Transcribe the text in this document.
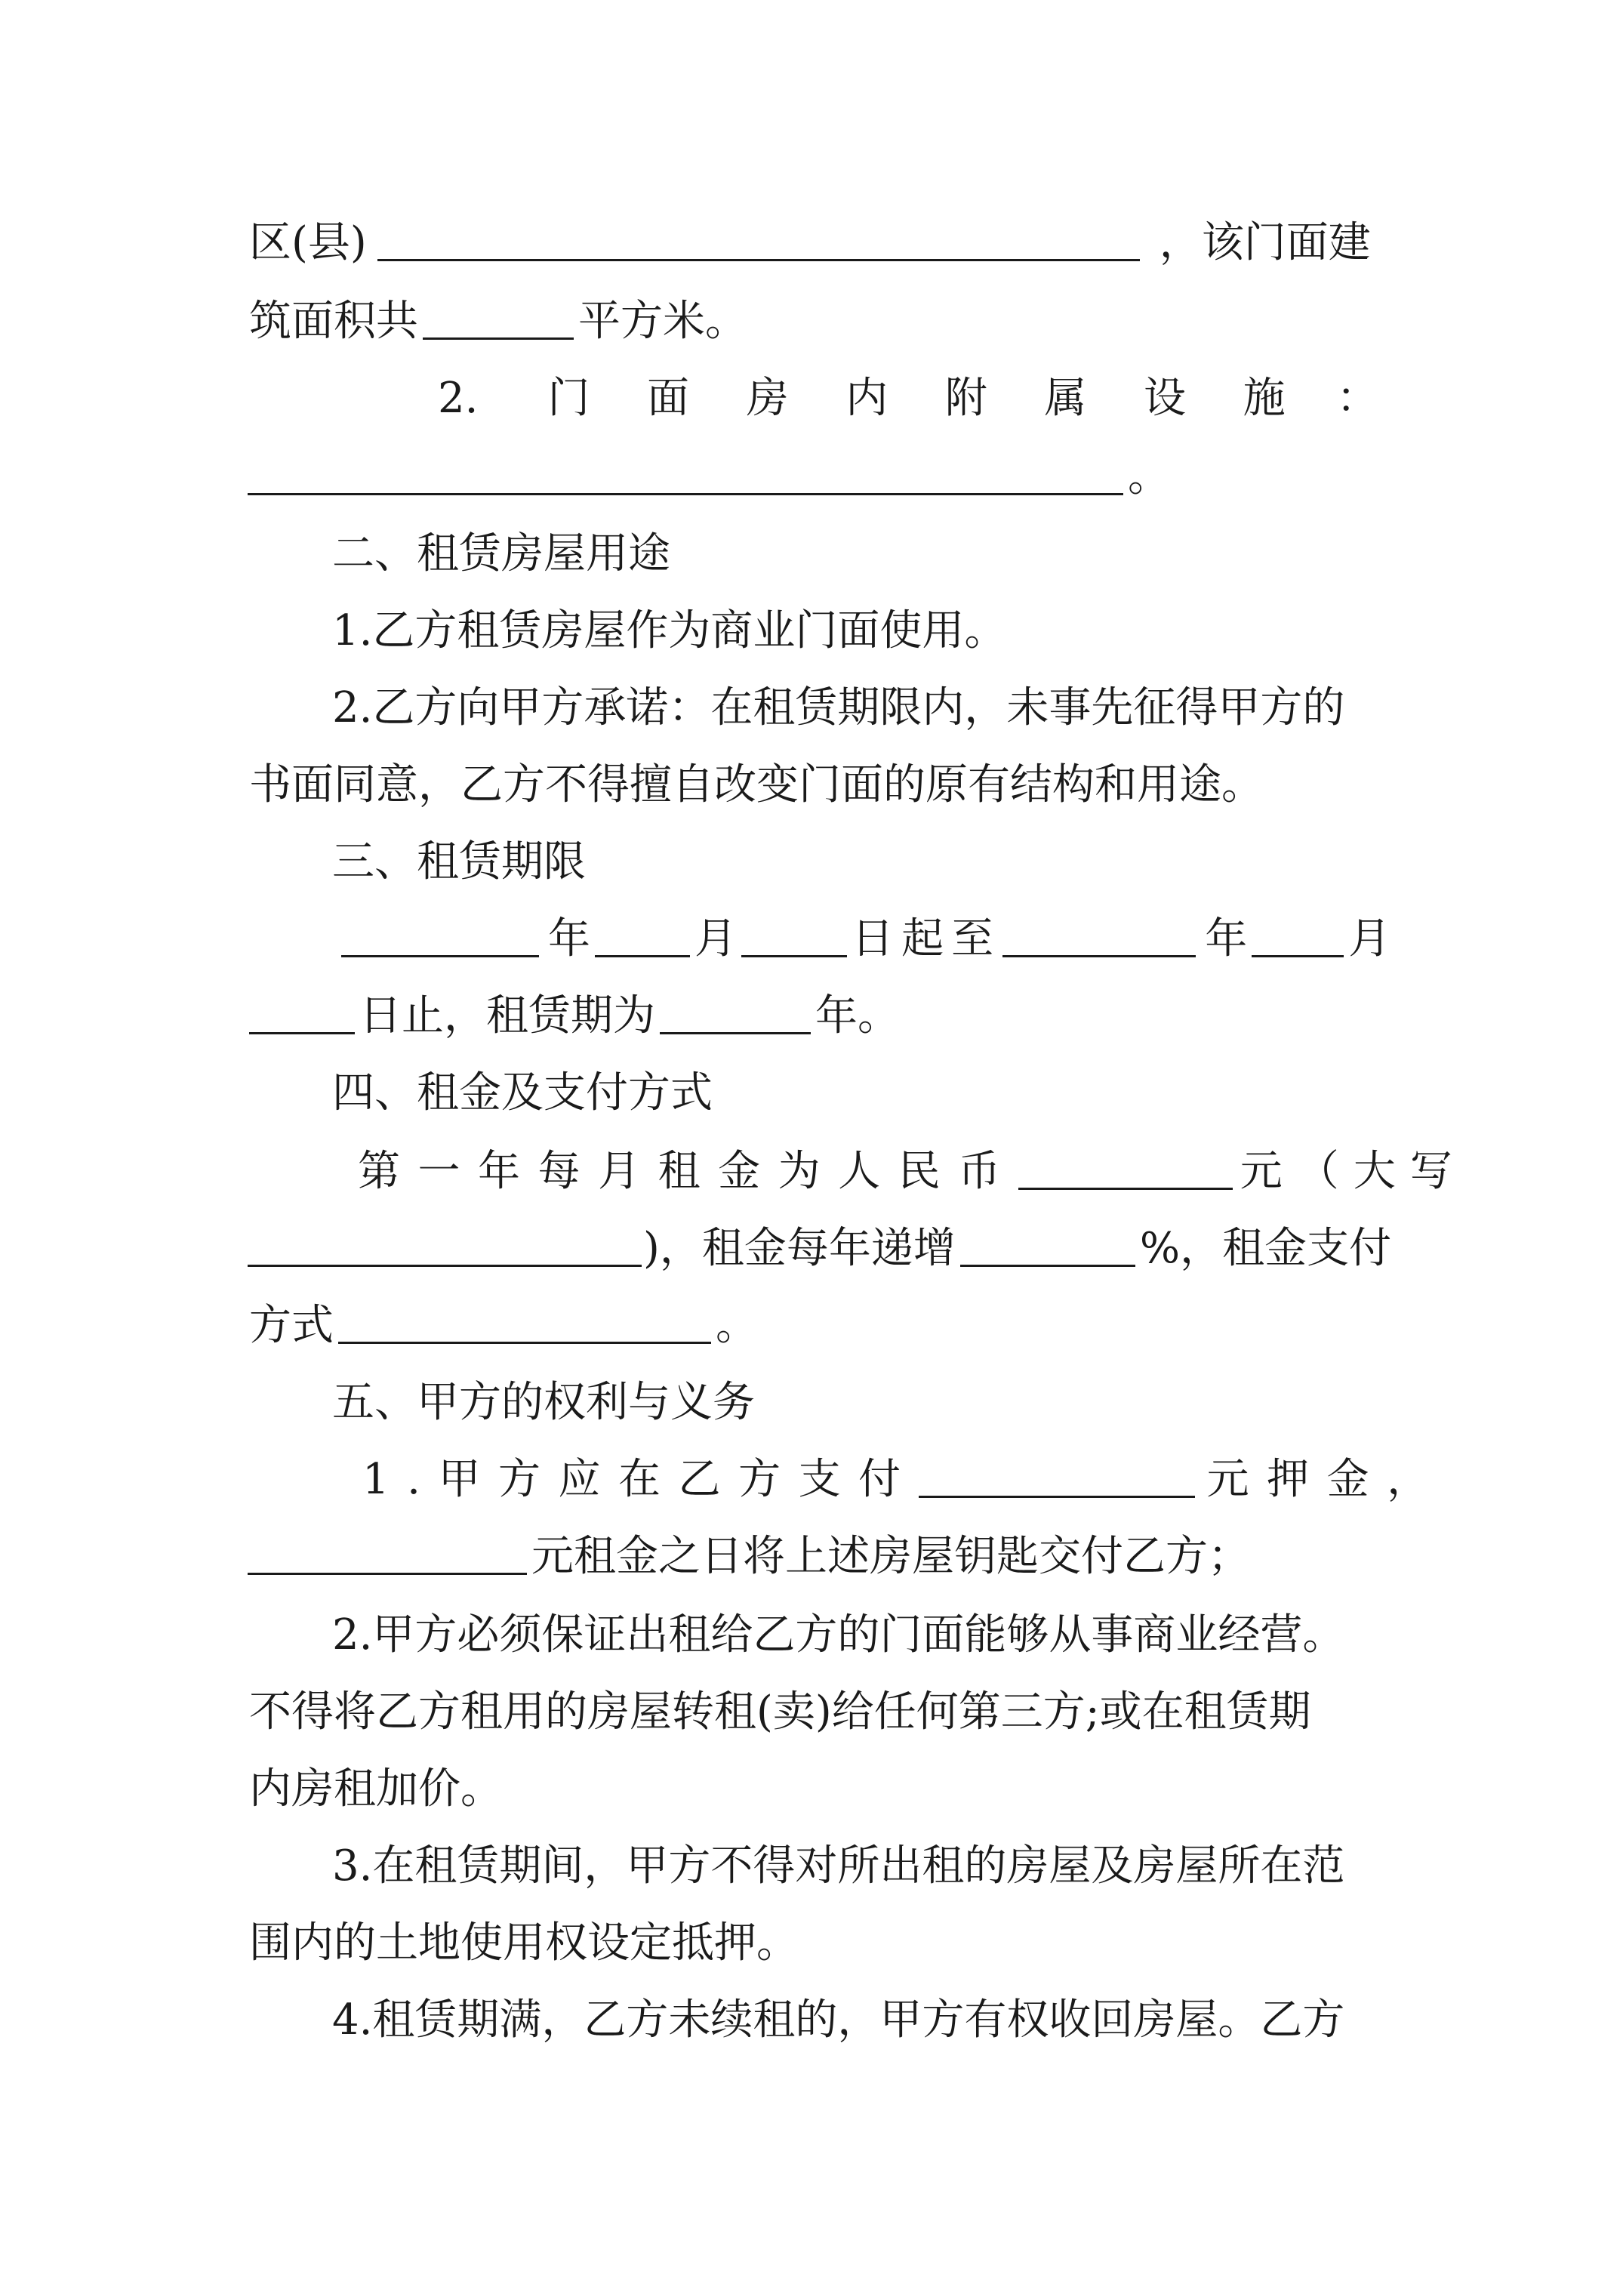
区(县)	，该门面建
筑面积共	平方米。
2. 门面房内附属设施：
。
二、租赁房屋用途
1.乙方租赁房屋作为商业门面使用。
2.乙方向甲方承诺：在租赁期限内，未事先征得甲方的
书面同意，乙方不得擅自改变门面的原有结构和用途。
三、租赁期限
年 月	日起至	年 月
日止，租赁期为	年。
四、租金及支付方式
第一年每月租金为人民币	元（大写
)，租金每年递增	%，租金支付
方式	。
五、甲方的权利与义务
1.甲方应在乙方支付	元押金，
元租金之日将上述房屋钥匙交付乙方；
2.甲方必须保证出租给乙方的门面能够从事商业经营。
不得将乙方租用的房屋转租(卖)给任何第三方;或在租赁期
内房租加价。
3.在租赁期间，甲方不得对所出租的房屋及房屋所在范
围内的土地使用权设定抵押。
4.租赁期满，乙方未续租的，甲方有权收回房屋。乙方
